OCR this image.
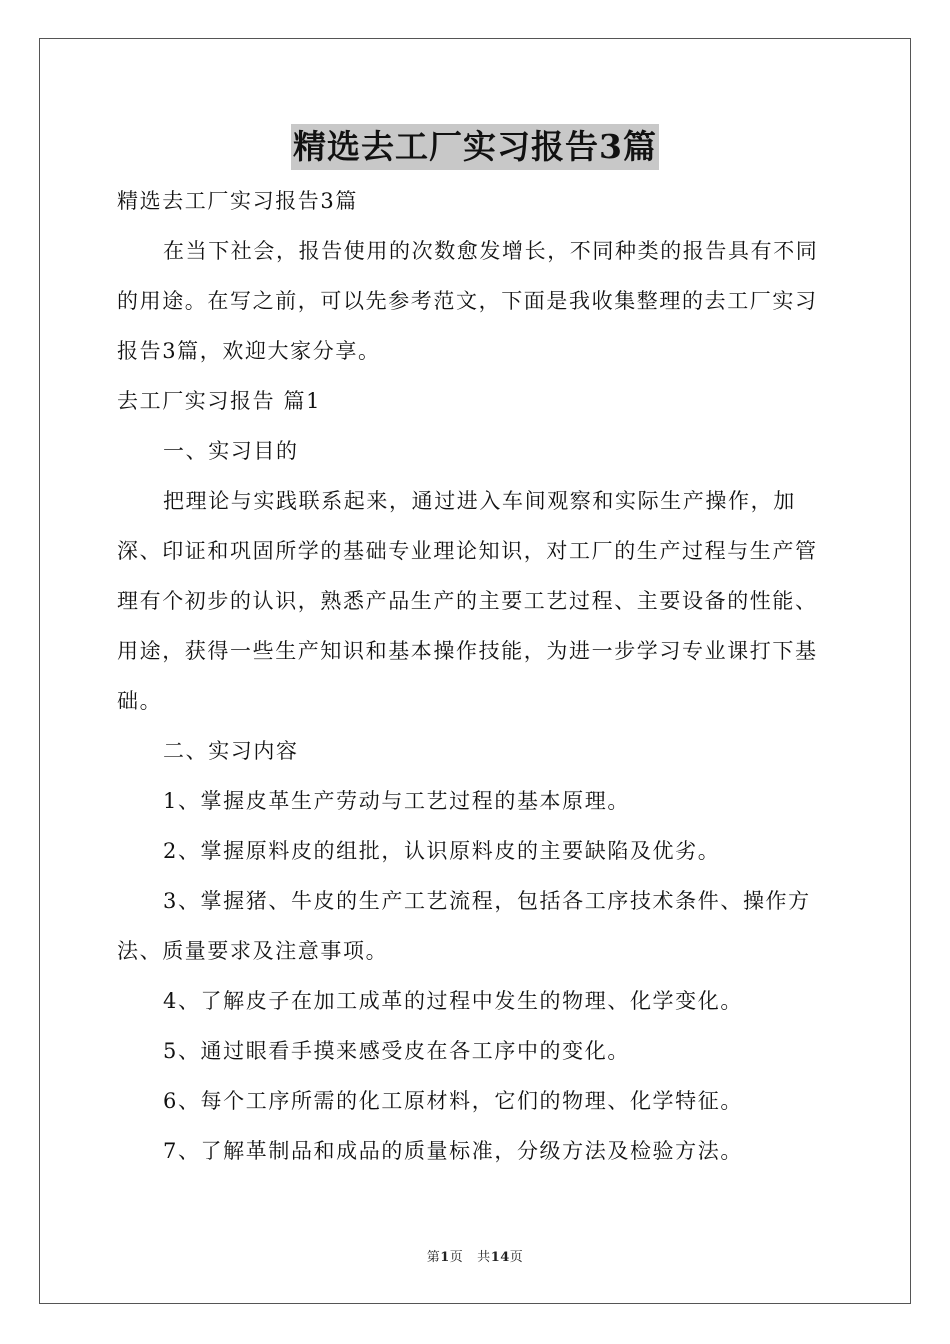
精选去工厂实习报告3篇

精选去工厂实习报告3篇

在当下社会，报告使用的次数愈发增长，不同种类的报告具有不同的用途。在写之前，可以先参考范文，下面是我收集整理的去工厂实习报告3篇，欢迎大家分享。

去工厂实习报告 篇1

一、实习目的

把理论与实践联系起来，通过进入车间观察和实际生产操作，加深、印证和巩固所学的基础专业理论知识，对工厂的生产过程与生产管理有个初步的认识，熟悉产品生产的主要工艺过程、主要设备的性能、用途，获得一些生产知识和基本操作技能，为进一步学习专业课打下基础。

二、实习内容

1、掌握皮革生产劳动与工艺过程的基本原理。

2、掌握原料皮的组批，认识原料皮的主要缺陷及优劣。

3、掌握猪、牛皮的生产工艺流程，包括各工序技术条件、操作方法、质量要求及注意事项。

4、了解皮子在加工成革的过程中发生的物理、化学变化。

5、通过眼看手摸来感受皮在各工序中的变化。

6、每个工序所需的化工原材料，它们的物理、化学特征。

7、了解革制品和成品的质量标准，分级方法及检验方法。

第1页 共14页
